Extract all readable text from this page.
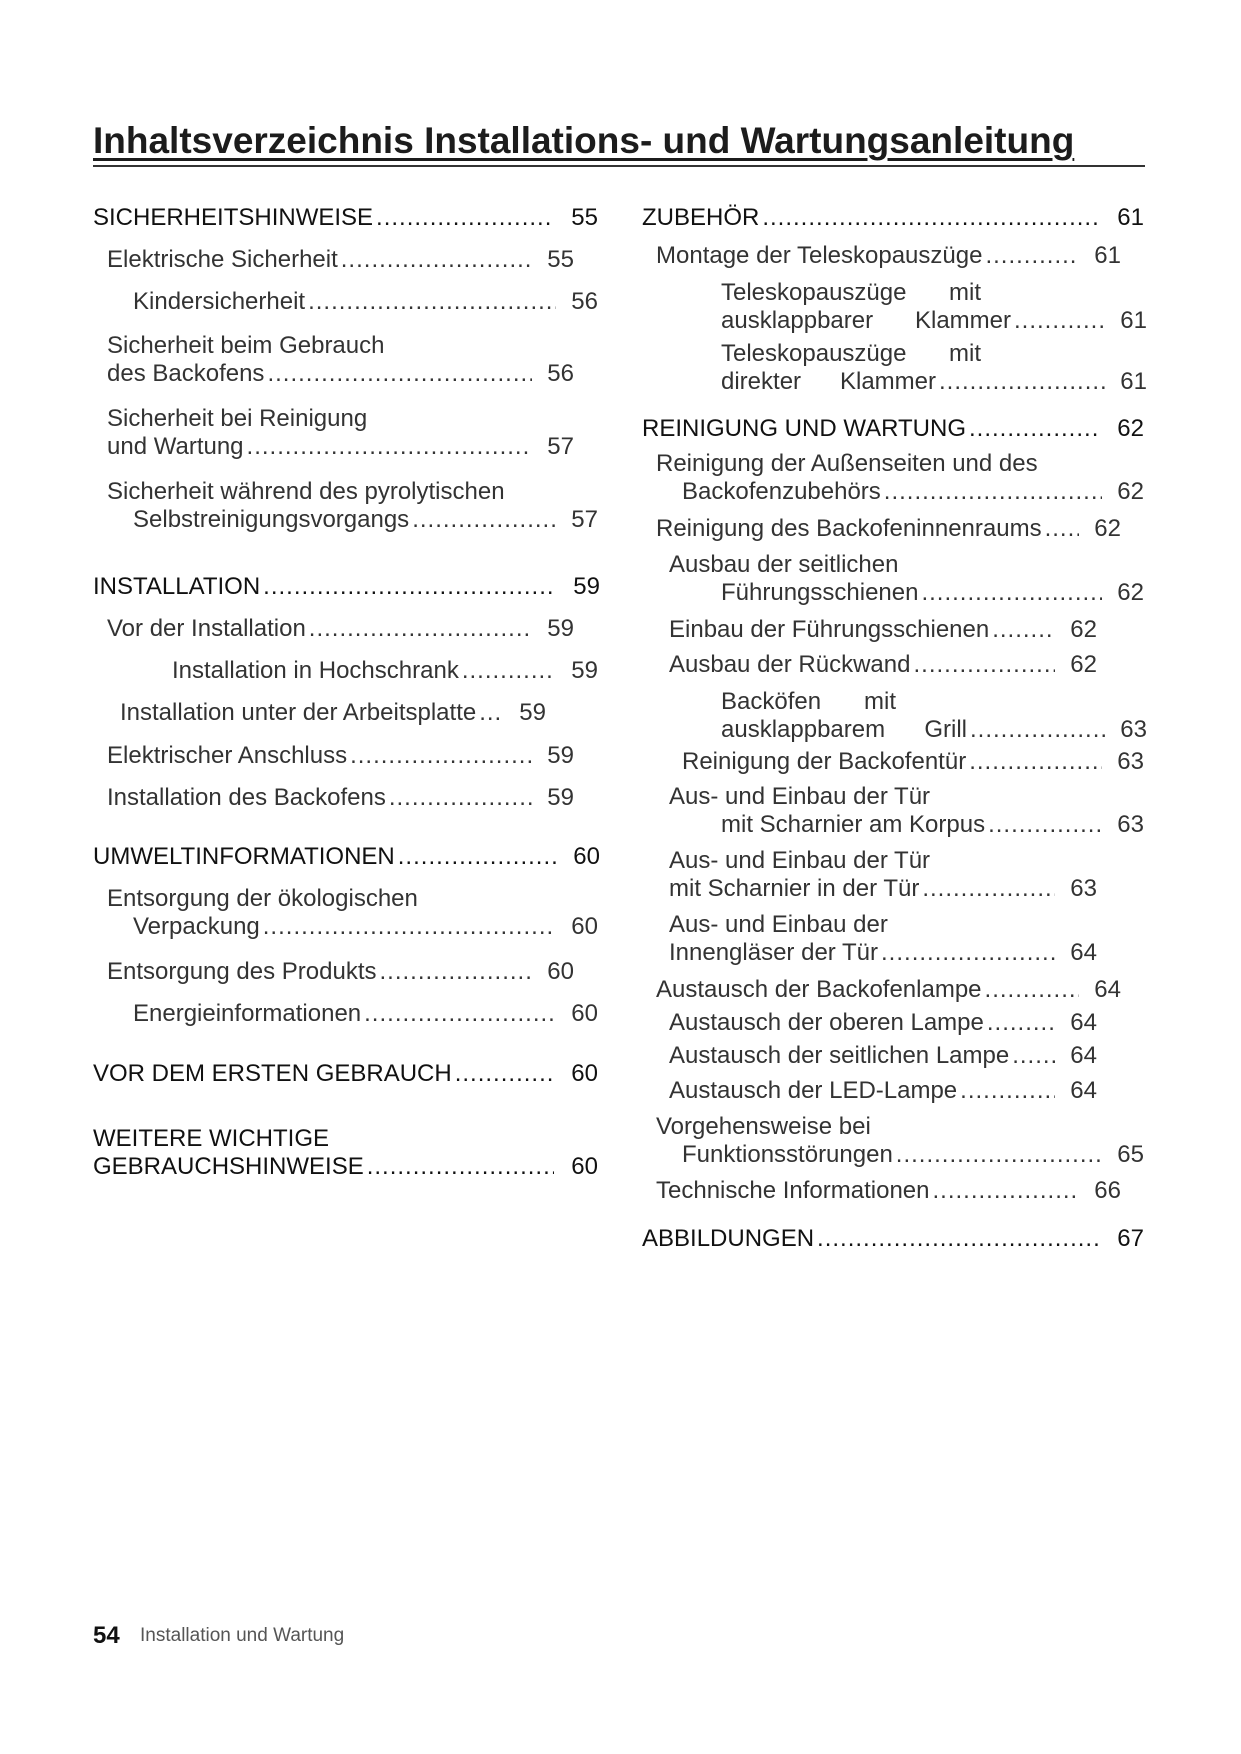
Inhaltsverzeichnis Installations- und Wartungsanleitung
SICHERHEITSHINWEISE .....	55
Elektrische Sicherheit .....	55
Kindersicherheit .....	56
Sicherheit beim Gebrauch
des Backofens .....	56
Sicherheit bei Reinigung
und Wartung .....	57
Sicherheit während des pyrolytischen
Selbstreinigungsvorgangs .....	57
INSTALLATION .....	59
Vor der Installation .....	59
Installation in Hochschrank .....	59
Installation unter der Arbeitsplatte ..... 59
Elektrischer Anschluss .....	59
Installation des Backofens .....	59
UMWELTINFORMATIONEN .....	60
Entsorgung der ökologischen
Verpackung .....	60
Entsorgung des Produkts .....	60
Energieinformationen .....	60
VOR DEM ERSTEN GEBRAUCH .....	60
WEITERE WICHTIGE
GEBRAUCHSHINWEISE .....	60
ZUBEHÖR .....	61
Montage der Teleskopauszüge .....	61
Teleskopauszüge mit
ausklappbarer Klammer .....	61
Teleskopauszüge mit
direkter Klammer .....	61
REINIGUNG UND WARTUNG .....	62
Reinigung der Außenseiten und des
Backofenzubehörs .....	62
Reinigung des Backofeninnenraums ..... 62
Ausbau der seitlichen
Führungsschienen .....	62
Einbau der Führungsschienen .....	62
Ausbau der Rückwand .....	62
Backöfen mit
ausklappbarem Grill .....	63
Reinigung der Backofentür .....	63
Aus- und Einbau der Tür
mit Scharnier am Korpus .....	63
Aus- und Einbau der Tür
mit Scharnier in der Tür .....	63
Aus- und Einbau der
Innengläser der Tür .....	64
Austausch der Backofenlampe .....	64
Austausch der oberen Lampe .....	64
Austausch der seitlichen Lampe .....	64
Austausch der LED-Lampe .....	64
Vorgehensweise bei
Funktionsstörungen .....	65
Technische Informationen .....	66
ABBILDUNGEN .....	67
54 Installation und Wartung
